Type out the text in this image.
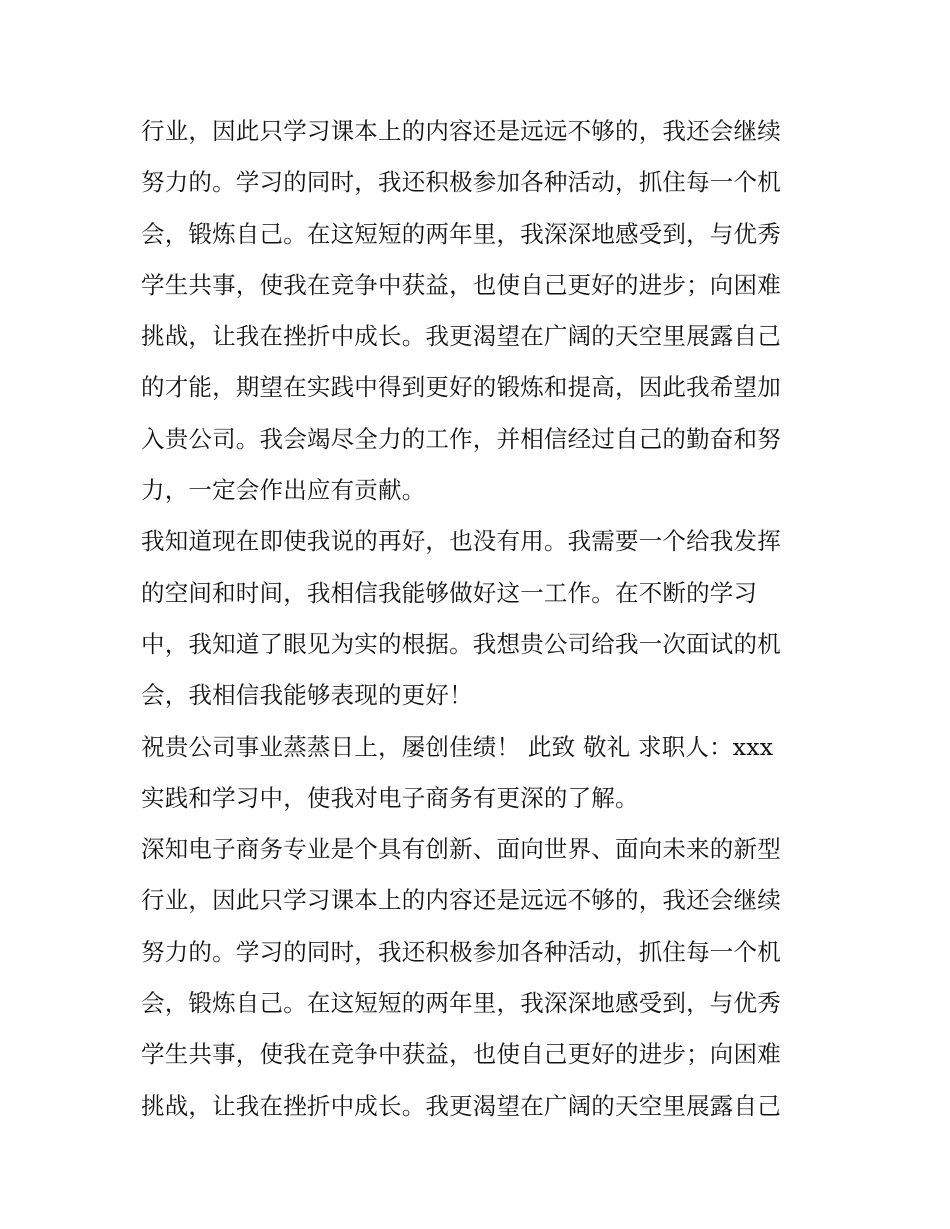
行业，因此只学习课本上的内容还是远远不够的，我还会继续
努力的。学习的同时，我还积极参加各种活动，抓住每一个机
会，锻炼自己。在这短短的两年里，我深深地感受到，与优秀
学生共事，使我在竞争中获益，也使自己更好的进步；向困难
挑战，让我在挫折中成长。我更渴望在广阔的天空里展露自己
的才能，期望在实践中得到更好的锻炼和提高，因此我希望加
入贵公司。我会竭尽全力的工作，并相信经过自己的勤奋和努
力，一定会作出应有贡献。
我知道现在即使我说的再好，也没有用。我需要一个给我发挥
的空间和时间，我相信我能够做好这一工作。在不断的学习
中，我知道了眼见为实的根据。我想贵公司给我一次面试的机
会，我相信我能够表现的更好！
祝贵公司事业蒸蒸日上，屡创佳绩！ 此致 敬礼 求职人：xxx
实践和学习中，使我对电子商务有更深的了解。
深知电子商务专业是个具有创新、面向世界、面向未来的新型
行业，因此只学习课本上的内容还是远远不够的，我还会继续
努力的。学习的同时，我还积极参加各种活动，抓住每一个机
会，锻炼自己。在这短短的两年里，我深深地感受到，与优秀
学生共事，使我在竞争中获益，也使自己更好的进步；向困难
挑战，让我在挫折中成长。我更渴望在广阔的天空里展露自己
